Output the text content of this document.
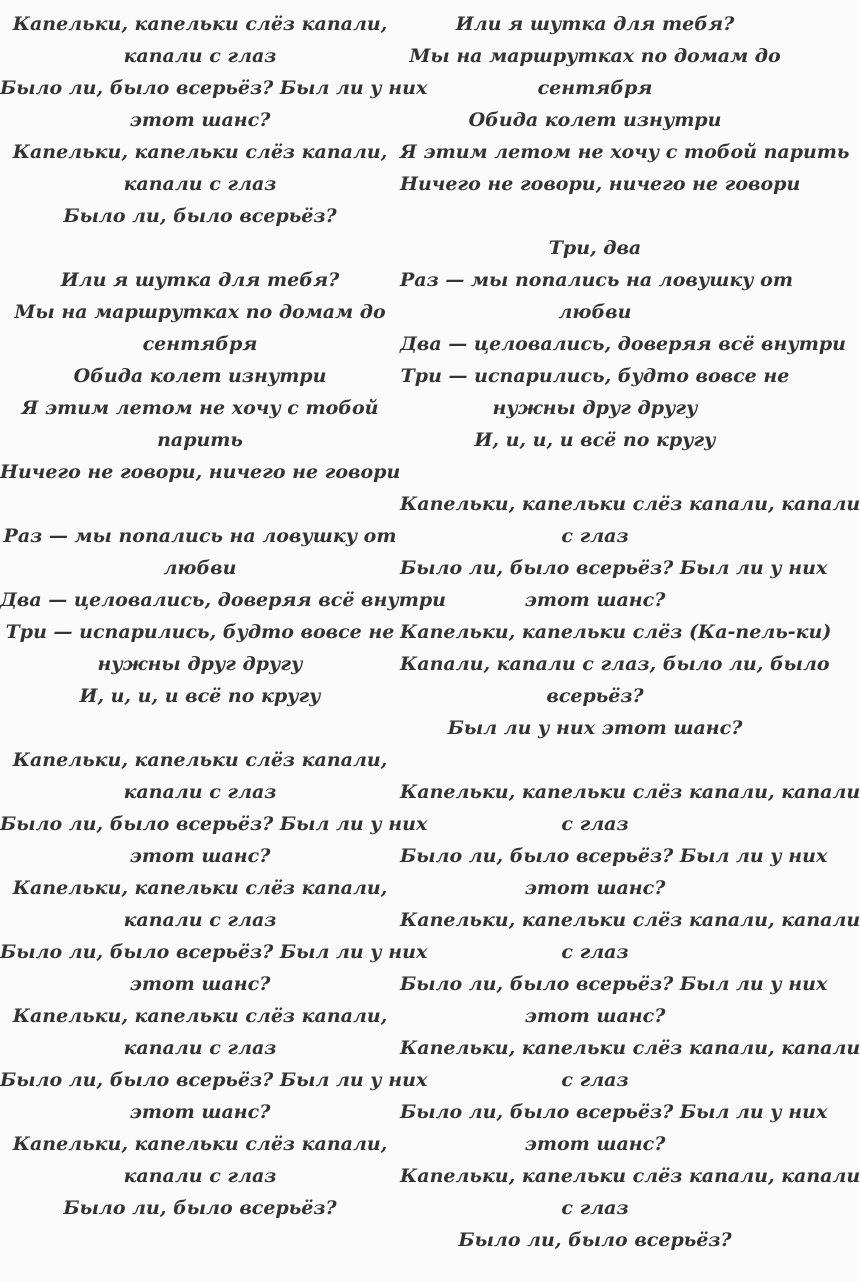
Капельки, капельки слёз капали,
капали с глаз
Было ли, было всерьёз? Был ли у них
этот шанс?
Капельки, капельки слёз капали,
капали с глаз
Было ли, было всерьёз?
Или я шутка для тебя?
Мы на маршрутках по домам до
сентября
Обида колет изнутри
Я этим летом не хочу с тобой
парить
Ничего не говори, ничего не говори
Раз — мы попались на ловушку от
любви
Два — целовались, доверяя всё внутри
Три — испарились, будто вовсе не
нужны друг другу
И, и, и, и всё по кругу
Капельки, капельки слёз капали,
капали с глаз
Было ли, было всерьёз? Был ли у них
этот шанс?
Капельки, капельки слёз капали,
капали с глаз
Было ли, было всерьёз? Был ли у них
этот шанс?
Капельки, капельки слёз капали,
капали с глаз
Было ли, было всерьёз? Был ли у них
этот шанс?
Капельки, капельки слёз капали,
капали с глаз
Было ли, было всерьёз?
Или я шутка для тебя?
Мы на маршрутках по домам до
сентября
Обида колет изнутри
Я этим летом не хочу с тобой парить
Ничего не говори, ничего не говори
Три, два
Раз — мы попались на ловушку от
любви
Два — целовались, доверяя всё внутри
Три — испарились, будто вовсе не
нужны друг другу
И, и, и, и всё по кругу
Капельки, капельки слёз капали, капали
с глаз
Было ли, было всерьёз? Был ли у них
этот шанс?
Капельки, капельки слёз (Ка-пель-ки)
Капали, капали с глаз, было ли, было
всерьёз?
Был ли у них этот шанс?
Капельки, капельки слёз капали, капали
с глаз
Было ли, было всерьёз? Был ли у них
этот шанс?
Капельки, капельки слёз капали, капали
с глаз
Было ли, было всерьёз? Был ли у них
этот шанс?
Капельки, капельки слёз капали, капали
с глаз
Было ли, было всерьёз? Был ли у них
этот шанс?
Капельки, капельки слёз капали, капали
с глаз
Было ли, было всерьёз?
